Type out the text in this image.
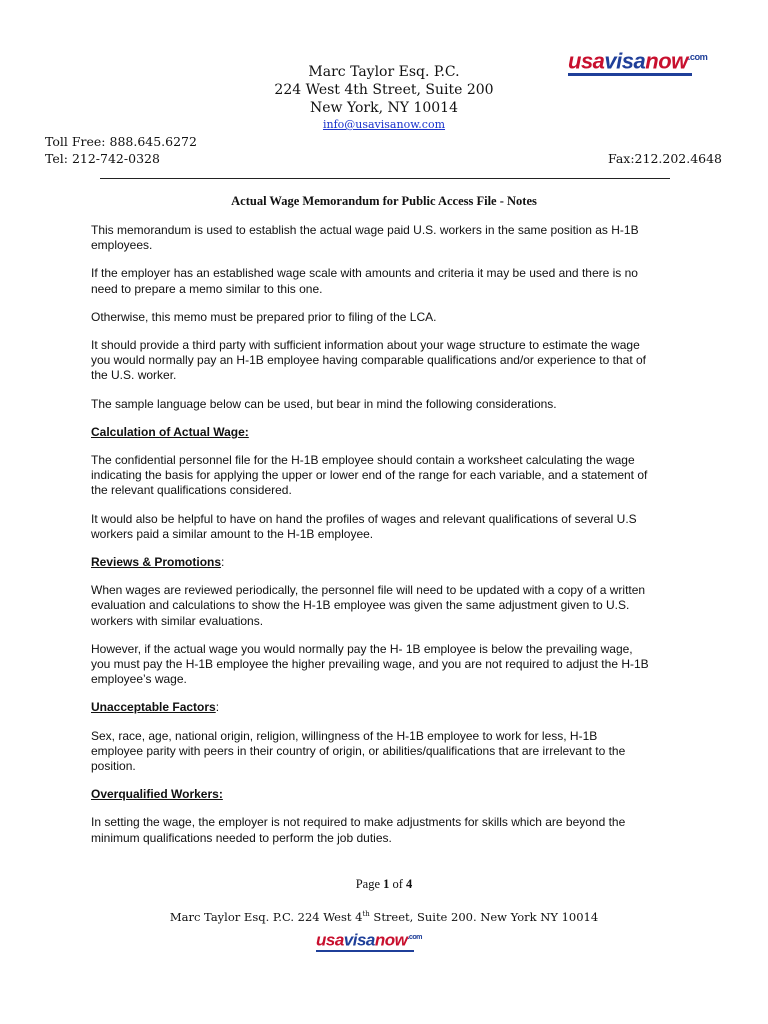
usavisanow$^{.com}$
Marc Taylor Esq. P.C.
224 West 4th Street, Suite 200
New York, NY 10014
info@usavisanow.com
Toll Free: 888.645.6272
Tel: 212-742-0328	Fax:212.202.4648
Actual Wage Memorandum for Public Access File - Notes

This memorandum is used to establish the actual wage paid U.S. workers in the same position as H-1B
employees.

If the employer has an established wage scale with amounts and criteria it may be used and there is no
need to prepare a memo similar to this one.

Otherwise, this memo must be prepared prior to filing of the LCA.

It should provide a third party with sufficient information about your wage structure to estimate the wage
you would normally pay an H-1B employee having comparable qualifications and/or experience to that of
the U.S. worker.

The sample language below can be used, but bear in mind the following considerations.

Calculation of Actual Wage:

The confidential personnel file for the H-1B employee should contain a worksheet calculating the wage
indicating the basis for applying the upper or lower end of the range for each variable, and a statement of
the relevant qualifications considered.

It would also be helpful to have on hand the profiles of wages and relevant qualifications of several U.S
workers paid a similar amount to the H-1B employee.

Reviews & Promotions:

When wages are reviewed periodically, the personnel file will need to be updated with a copy of a written
evaluation and calculations to show the H-1B employee was given the same adjustment given to U.S.
workers with similar evaluations.

However, if the actual wage you would normally pay the H- 1B employee is below the prevailing wage,
you must pay the H-1B employee the higher prevailing wage, and you are not required to adjust the H-1B
employee’s wage.

Unacceptable Factors:

Sex, race, age, national origin, religion, willingness of the H-1B employee to work for less, H-1B
employee parity with peers in their country of origin, or abilities/qualifications that are irrelevant to the
position.

Overqualified Workers:

In setting the wage, the employer is not required to make adjustments for skills which are beyond the
minimum qualifications needed to perform the job duties.

Page 1 of 4
Marc Taylor Esq. P.C. 224 West 4th Street, Suite 200. New York NY 10014
usavisanow$^{.com}$
